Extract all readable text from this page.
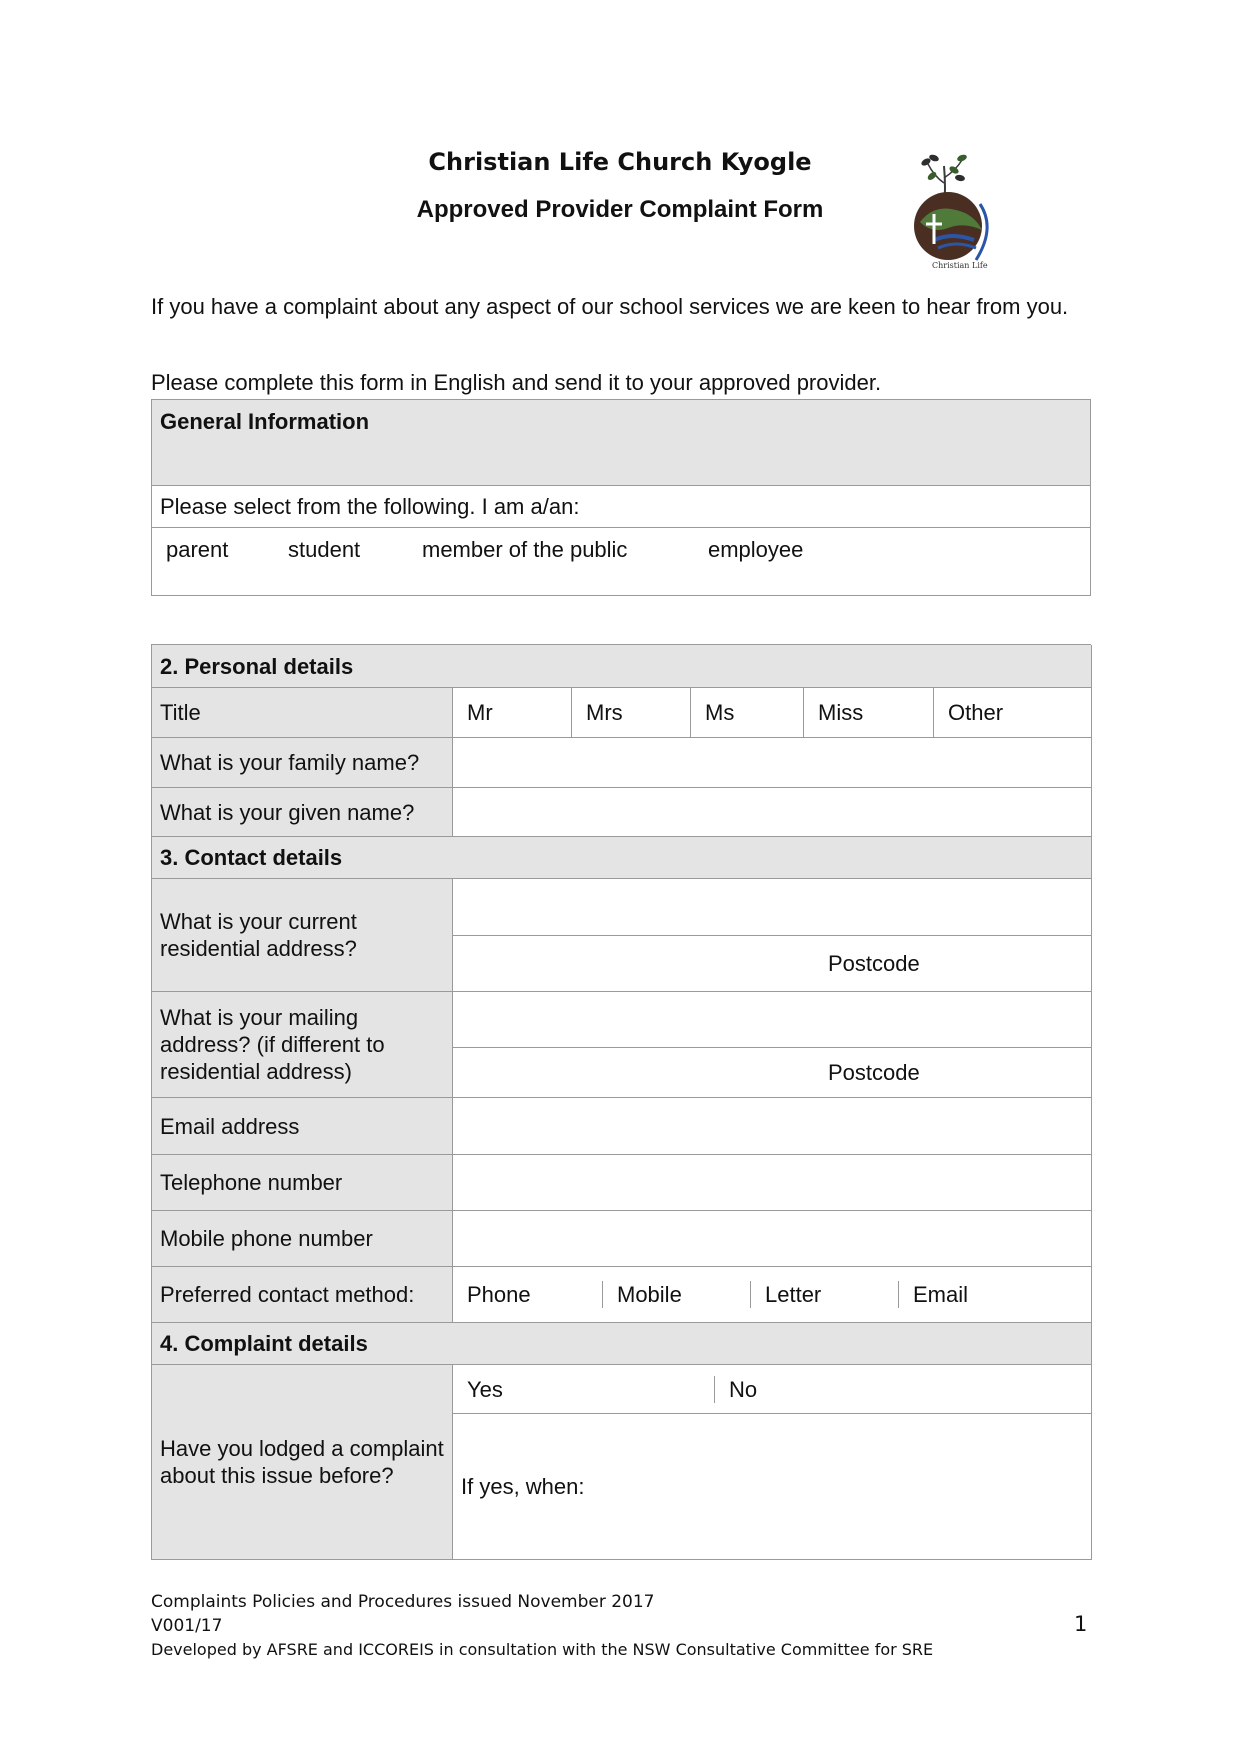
Christian Life Church Kyogle
Approved Provider Complaint Form
Christian Life
If you have a complaint about any aspect of our school services we are keen to hear from you.
Please complete this form in English and send it to your approved provider.
General Information
Please select from the following. I am a/an:
parent	student	member of the public	employee
2. Personal details
Title	Mr	Mrs	Ms	Miss	Other
What is your family name?
What is your given name?
3. Contact details
What is your current residential address?
Postcode
What is your mailing address? (if different to residential address)	Postcode
Email address
Telephone number
Mobile phone number
Preferred contact method:	Phone	Mobile	Letter	Email
4. Complaint details
Have you lodged a complaint about this issue before?
Yes	No
If yes, when:
Complaints Policies and Procedures issued November 2017
V001/17
Developed by AFSRE and ICCOREIS in consultation with the NSW Consultative Committee for SRE
1
